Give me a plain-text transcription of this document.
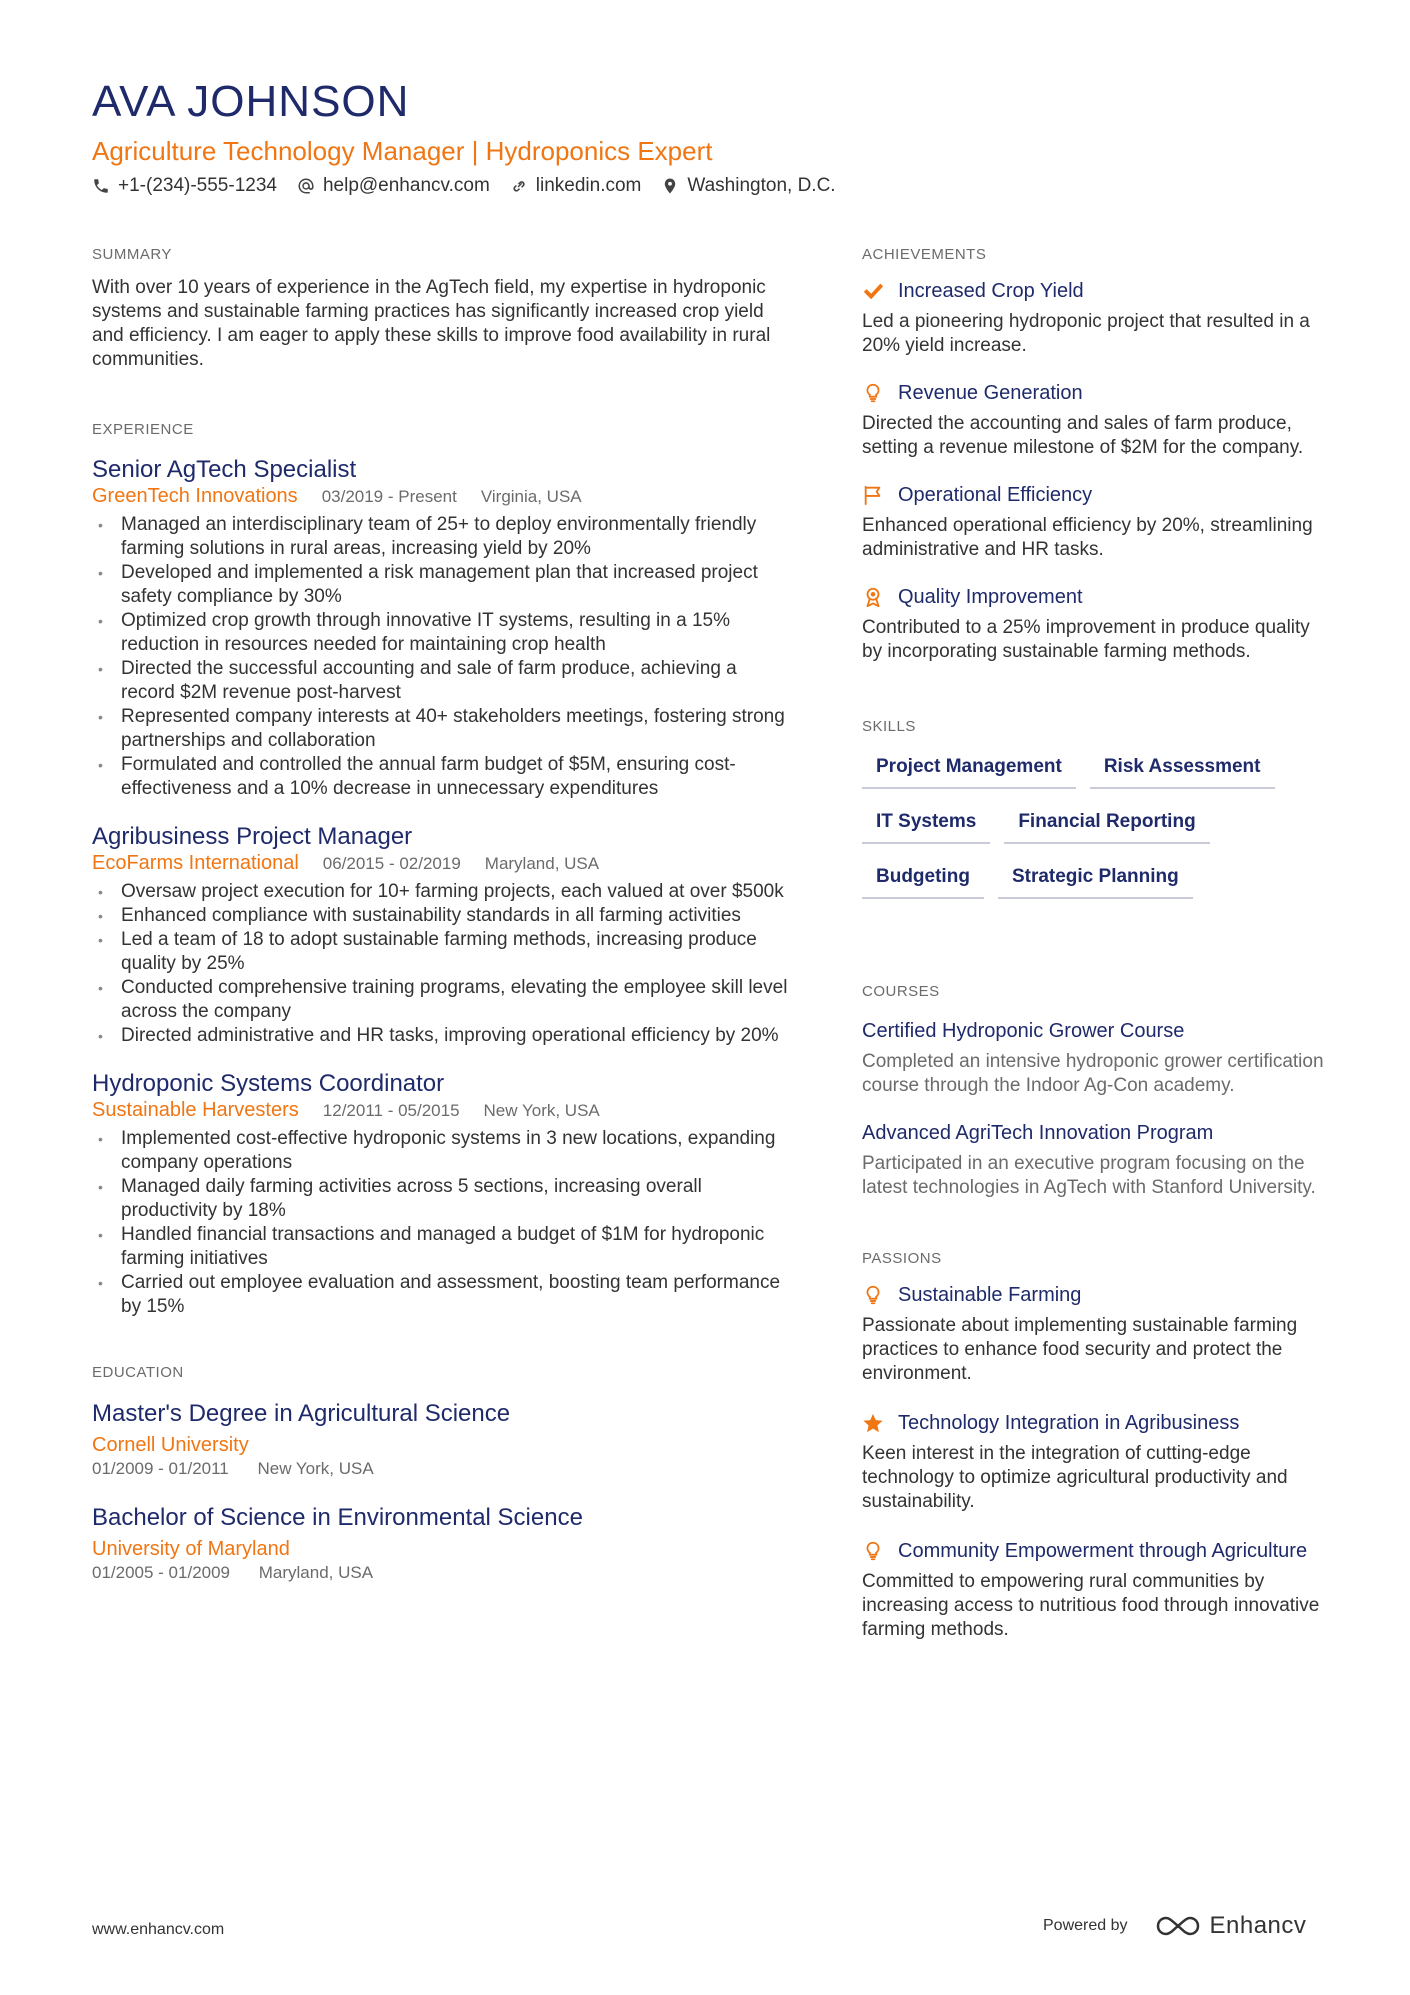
AVA JOHNSON
Agriculture Technology Manager | Hydroponics Expert
+1-(234)-555-1234 help@enhancv.com linkedin.com Washington, D.C.
SUMMARY

With over 10 years of experience in the AgTech field, my expertise in hydroponic systems and sustainable farming practices has significantly increased crop yield and efficiency. I am eager to apply these skills to improve food availability in rural communities.

EXPERIENCE
Senior AgTech Specialist
GreenTech Innovations 03/2019 - Present Virginia, USA
• Managed an interdisciplinary team of 25+ to deploy environmentally friendly farming solutions in rural areas, increasing yield by 20%
• Developed and implemented a risk management plan that increased project safety compliance by 30%
• Optimized crop growth through innovative IT systems, resulting in a 15% reduction in resources needed for maintaining crop health
• Directed the successful accounting and sale of farm produce, achieving a record $2M revenue post-harvest
• Represented company interests at 40+ stakeholders meetings, fostering strong partnerships and collaboration
• Formulated and controlled the annual farm budget of $5M, ensuring cost-effectiveness and a 10% decrease in unnecessary expenditures
Agribusiness Project Manager
EcoFarms International 06/2015 - 02/2019 Maryland, USA
• Oversaw project execution for 10+ farming projects, each valued at over $500k
• Enhanced compliance with sustainability standards in all farming activities
• Led a team of 18 to adopt sustainable farming methods, increasing produce quality by 25%
• Conducted comprehensive training programs, elevating the employee skill level across the company
• Directed administrative and HR tasks, improving operational efficiency by 20%
Hydroponic Systems Coordinator
Sustainable Harvesters 12/2011 - 05/2015 New York, USA
• Implemented cost-effective hydroponic systems in 3 new locations, expanding company operations
• Managed daily farming activities across 5 sections, increasing overall productivity by 18%
• Handled financial transactions and managed a budget of $1M for hydroponic farming initiatives
• Carried out employee evaluation and assessment, boosting team performance by 15%
EDUCATION
Master's Degree in Agricultural Science
Cornell University
01/2009 - 01/2011 New York, USA
Bachelor of Science in Environmental Science
University of Maryland
01/2005 - 01/2009 Maryland, USA
ACHIEVEMENTS
Increased Crop Yield
Led a pioneering hydroponic project that resulted in a 20% yield increase.
Revenue Generation
Directed the accounting and sales of farm produce, setting a revenue milestone of $2M for the company.
Operational Efficiency
Enhanced operational efficiency by 20%, streamlining administrative and HR tasks.
Quality Improvement
Contributed to a 25% improvement in produce quality by incorporating sustainable farming methods.
SKILLS
Project Management	Risk Assessment
IT Systems	Financial Reporting
Budgeting	Strategic Planning
COURSES
Certified Hydroponic Grower Course
Completed an intensive hydroponic grower certification course through the Indoor Ag-Con academy.
Advanced AgriTech Innovation Program
Participated in an executive program focusing on the latest technologies in AgTech with Stanford University.
PASSIONS
Sustainable Farming
Passionate about implementing sustainable farming practices to enhance food security and protect the environment.
Technology Integration in Agribusiness
Keen interest in the integration of cutting-edge technology to optimize agricultural productivity and sustainability.
Community Empowerment through Agriculture
Committed to empowering rural communities by increasing access to nutritious food through innovative farming methods.
www.enhancv.com	Powered by	Enhancv
